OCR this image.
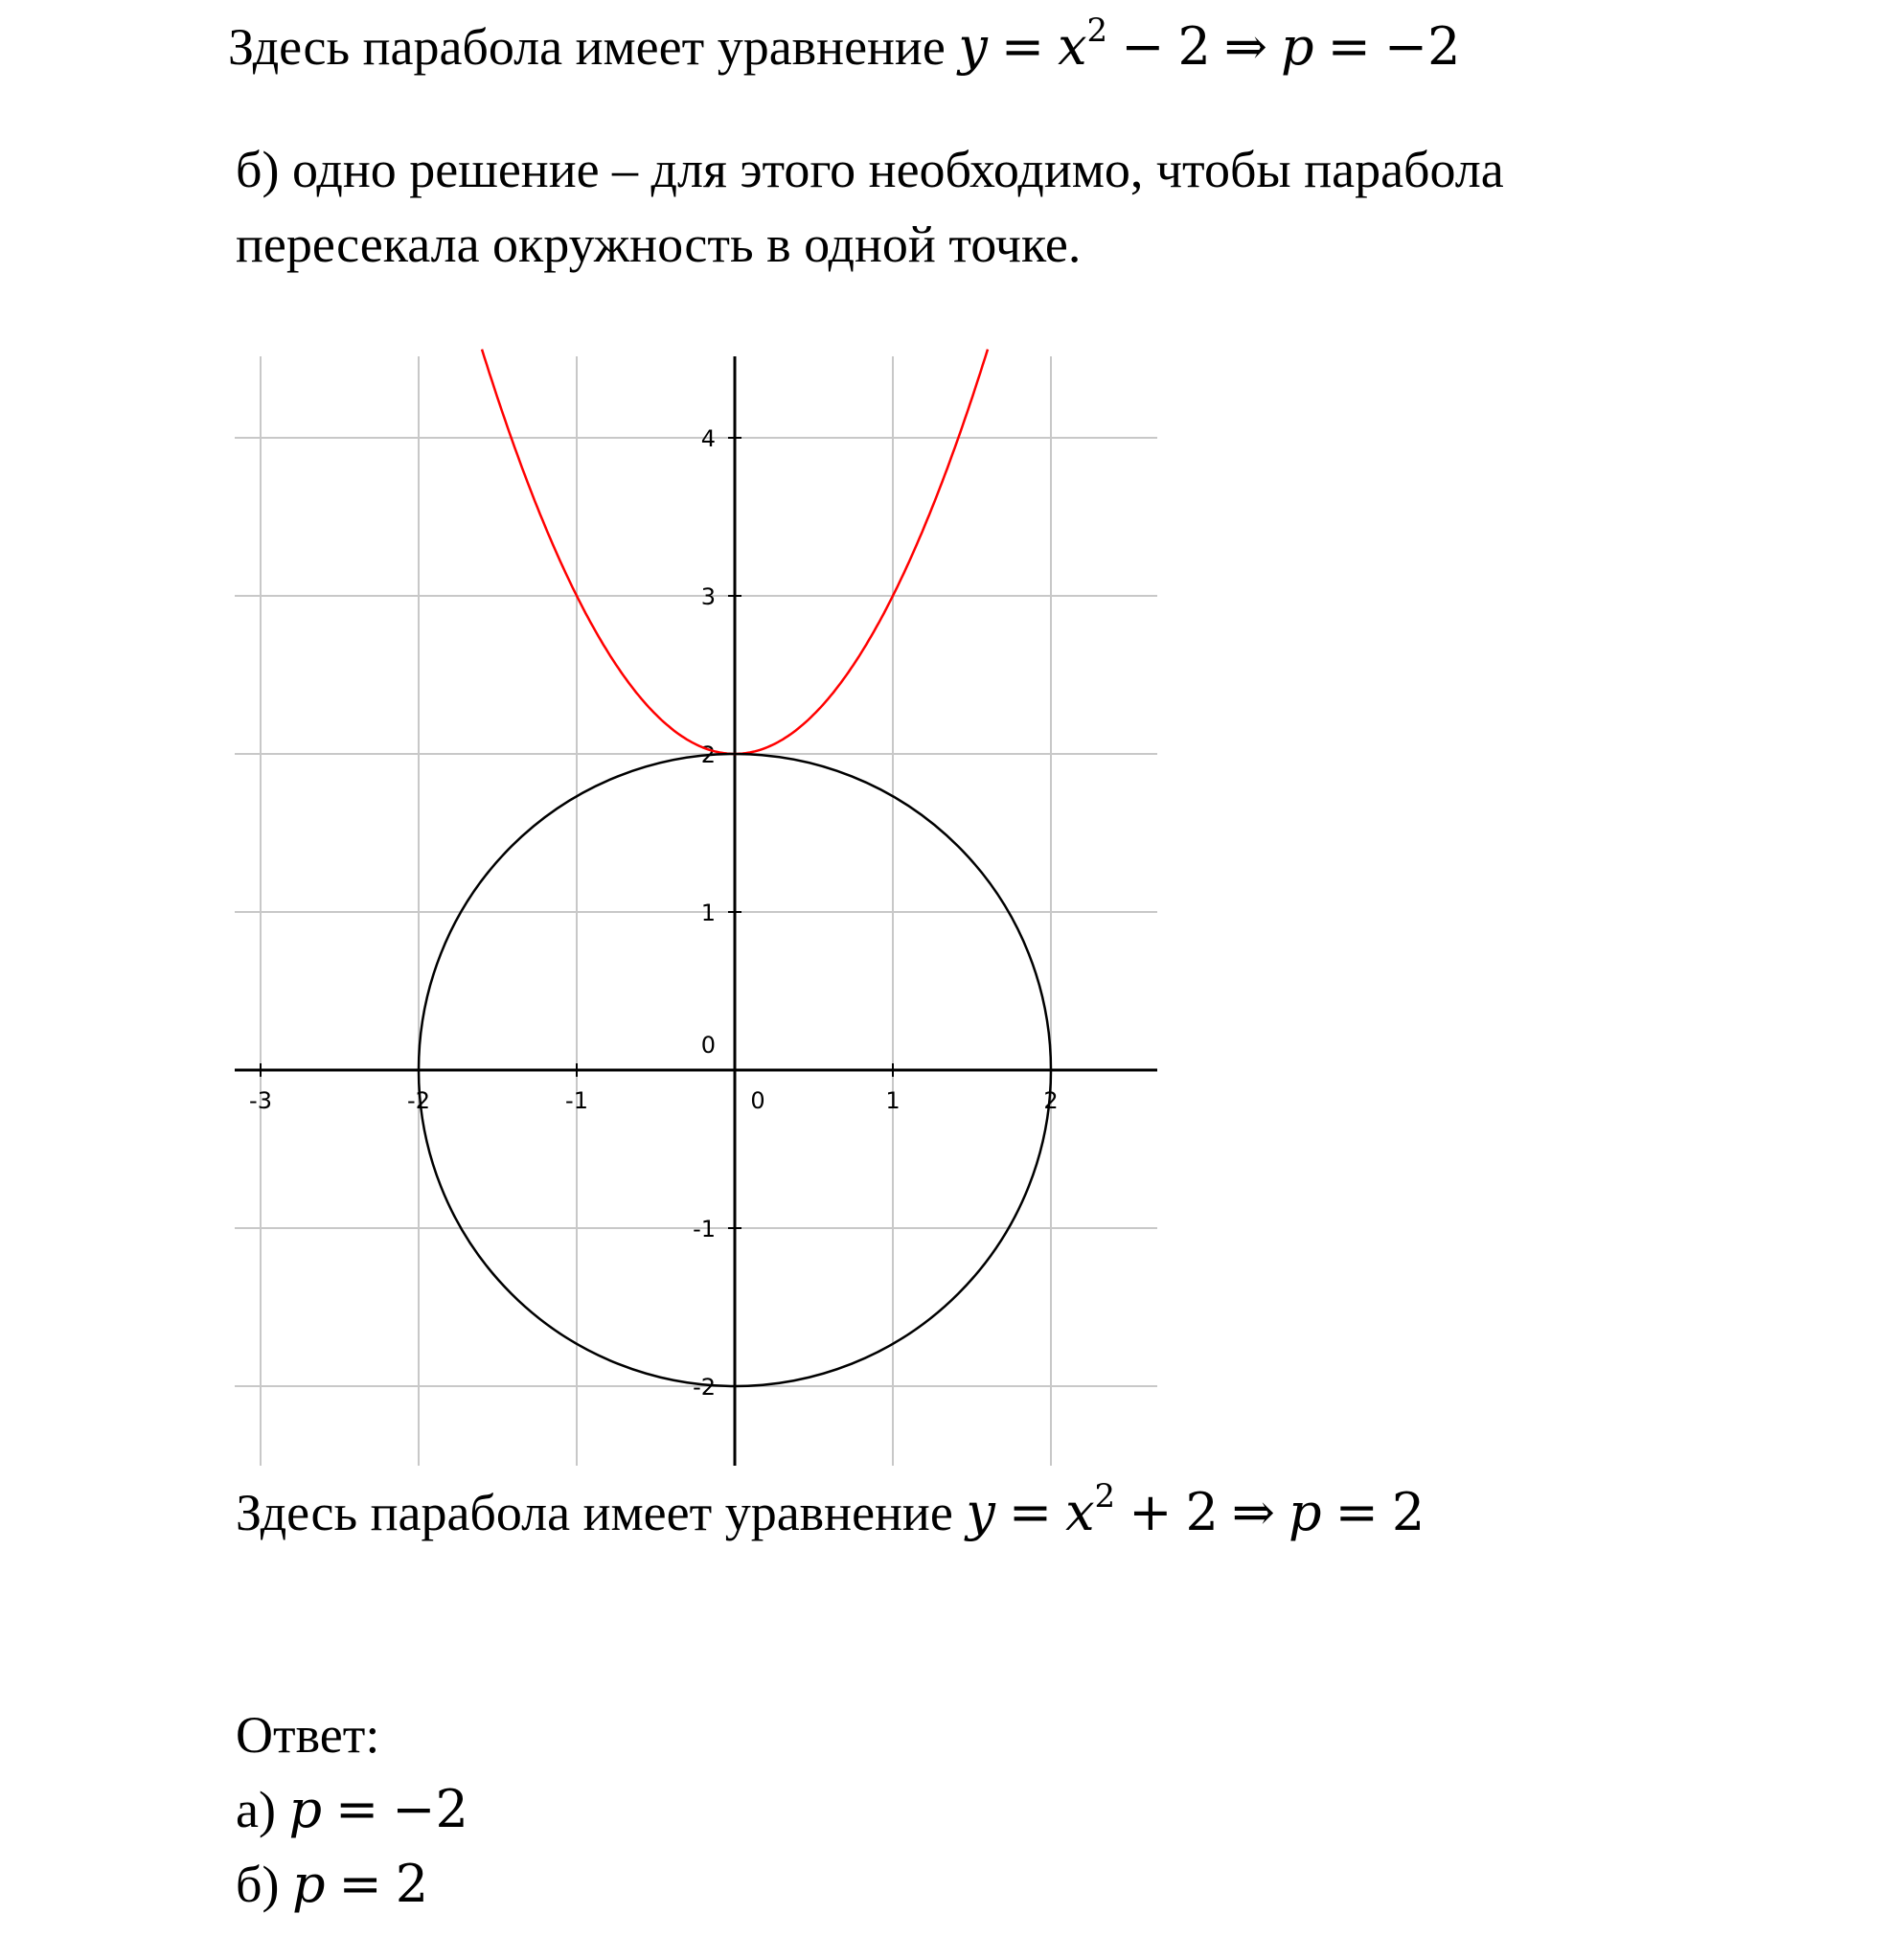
Здесь парабола имеет уравнение $y = x^2 - 2$ ⇒ p = −2
б) одно решение – для этого необходимо, чтобы парабола
пересекала окружность в одной точке.
-3	-2	-1	0	1	2
-2
-1
0
1
2
3
4
Здесь парабола имеет уравнение $y = x^2 + 2$ ⇒ p = 2
Ответ:
а) p = −2
б) p = 2
